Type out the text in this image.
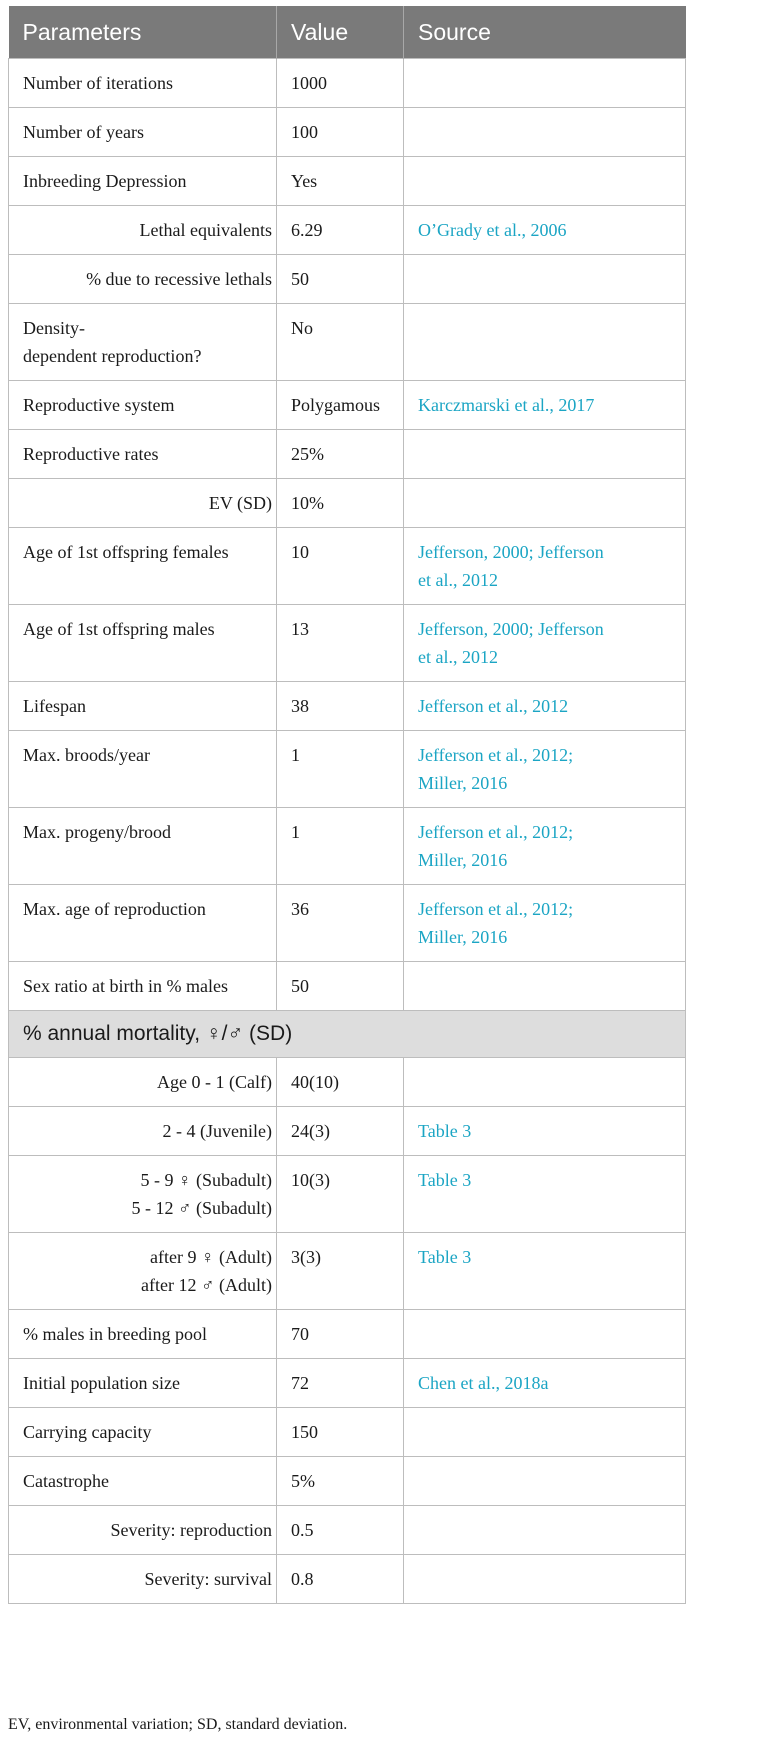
Parameters	Value	Source

Number of iterations	1000	

Number of years	100	

Inbreeding Depression	Yes	

Lethal equivalents	6.29	O’Grady et al., 2006

% due to recessive lethals	50	

Density-
dependent reproduction?	No	

Reproductive system	Polygamous	Karczmarski et al., 2017

Reproductive rates	25%	

EV (SD)	10%	

Age of 1st offspring females	10	Jefferson, 2000; Jefferson
et al., 2012

Age of 1st offspring males	13	Jefferson, 2000; Jefferson
et al., 2012

Lifespan	38	Jefferson et al., 2012

Max. broods/year	1	Jefferson et al., 2012;
Miller, 2016

Max. progeny/brood	1	Jefferson et al., 2012;
Miller, 2016

Max. age of reproduction	36	Jefferson et al., 2012;
Miller, 2016

Sex ratio at birth in % males	50	

% annual mortality, ♀/♂ (SD)		

Age 0 - 1 (Calf)	40(10)	

2 - 4 (Juvenile)	24(3)	Table 3

5 - 9 ♀ (Subadult)
5 - 12 ♂ (Subadult)	10(3)	Table 3

after 9 ♀ (Adult)
after 12 ♂ (Adult)	3(3)	Table 3

% males in breeding pool	70	

Initial population size	72	Chen et al., 2018a

Carrying capacity	150	

Catastrophe	5%	

Severity: reproduction	0.5	

Severity: survival	0.8	

EV, environmental variation; SD, standard deviation.
